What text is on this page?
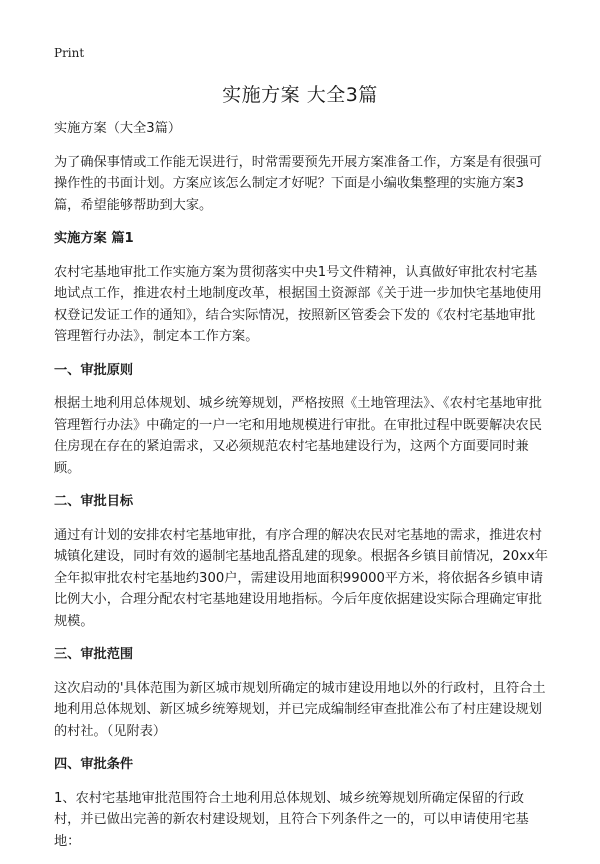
Print
实施方案 大全3篇

实施方案（大全3篇）

为了确保事情或工作能无误进行，时常需要预先开展方案准备工作，方案是有很强可操作性的书面计划。方案应该怎么制定才好呢？下面是小编收集整理的实施方案3篇，希望能够帮助到大家。

实施方案 篇1

农村宅基地审批工作实施方案为贯彻落实中央1号文件精神，认真做好审批农村宅基地试点工作，推进农村土地制度改革，根据国土资源部《关于进一步加快宅基地使用权登记发证工作的通知》，结合实际情况，按照新区管委会下发的《农村宅基地审批管理暂行办法》，制定本工作方案。

一、审批原则

根据土地利用总体规划、城乡统筹规划，严格按照《土地管理法》、《农村宅基地审批管理暂行办法》中确定的一户一宅和用地规模进行审批。在审批过程中既要解决农民住房现在存在的紧迫需求，又必须规范农村宅基地建设行为，这两个方面要同时兼顾。

二、审批目标

通过有计划的安排农村宅基地审批，有序合理的解决农民对宅基地的需求，推进农村城镇化建设，同时有效的遏制宅基地乱搭乱建的现象。根据各乡镇目前情况，20xx年全年拟审批农村宅基地约300户，需建设用地面积99000平方米，将依据各乡镇申请比例大小，合理分配农村宅基地建设用地指标。今后年度依据建设实际合理确定审批规模。

三、审批范围

这次启动的'具体范围为新区城市规划所确定的城市建设用地以外的行政村，且符合土地利用总体规划、新区城乡统筹规划，并已完成编制经审查批准公布了村庄建设规划的村社。（见附表）

四、审批条件

1、农村宅基地审批范围符合土地利用总体规划、城乡统筹规划所确定保留的行政村，并已做出完善的新农村建设规划，且符合下列条件之一的，可以申请使用宅基地：
